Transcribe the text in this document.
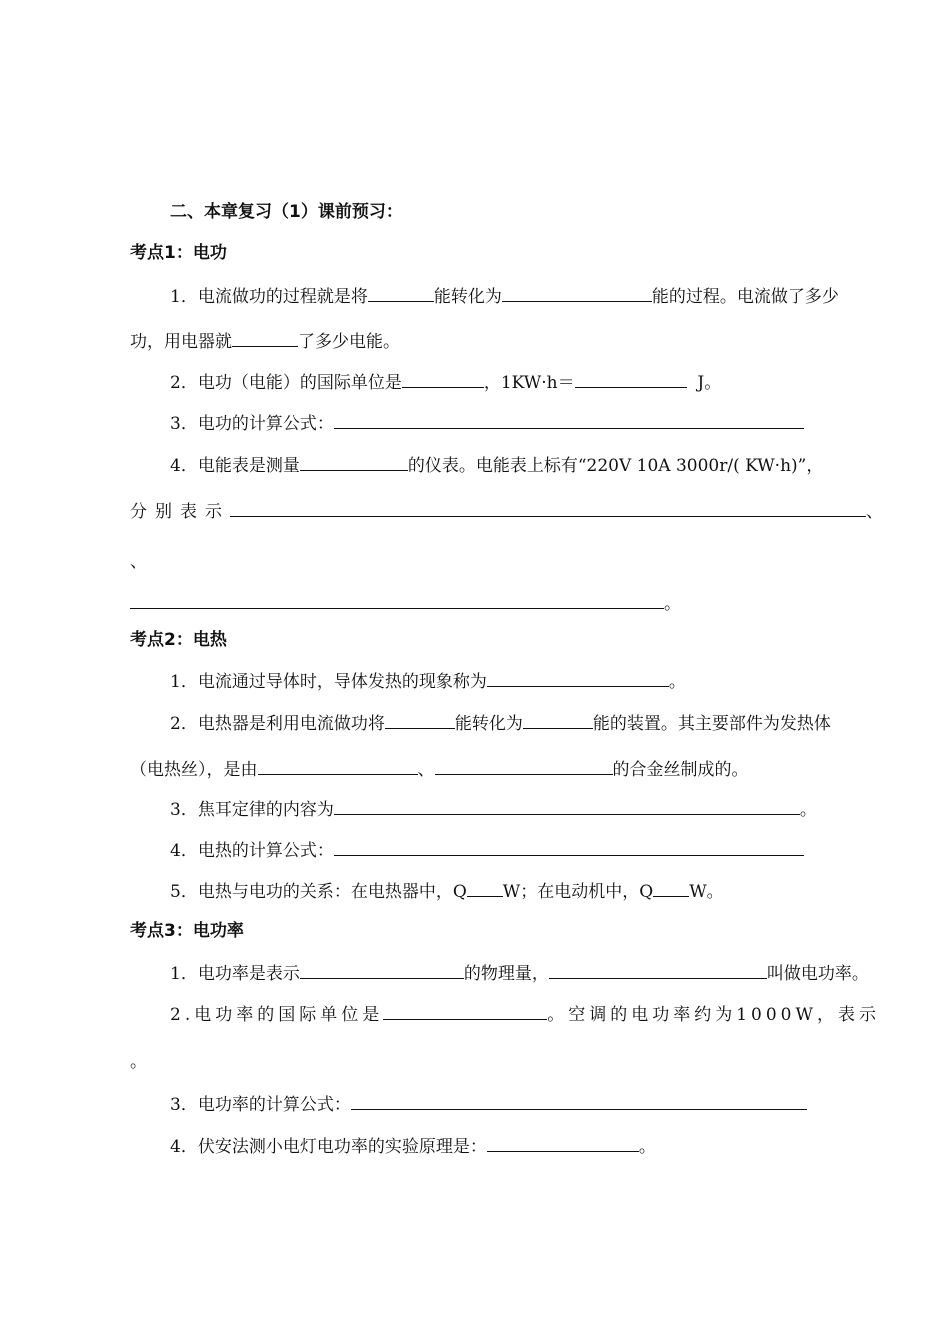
二、本章复习（1）课前预习：
考点1：电功
1．电流做功的过程就是将	能转化为	能的过程。电流做了多少
功，用电器就	了多少电能。
2．电功（电能）的国际单位是	，1KW·h＝	J。
3．电功的计算公式：
4．电能表是测量	的仪表。电能表上标有“220V 10A 3000r/( KW·h)”，
分别表示	、
、
。
考点2：电热
1．电流通过导体时，导体发热的现象称为	。
2．电热器是利用电流做功将	能转化为	能的装置。其主要部件为发热体
（电热丝），是由	、	的合金丝制成的。
3．焦耳定律的内容为	。
4．电热的计算公式：
5．电热与电功的关系：在电热器中，Q W；在电动机中，Q W。
考点3：电功率
1．电功率是表示	的物理量，	叫做电功率。
2.电功率的国际单位是	。空调的电功率约为1000W，表示
。
3．电功率的计算公式：
4．伏安法测小电灯电功率的实验原理是：	。
